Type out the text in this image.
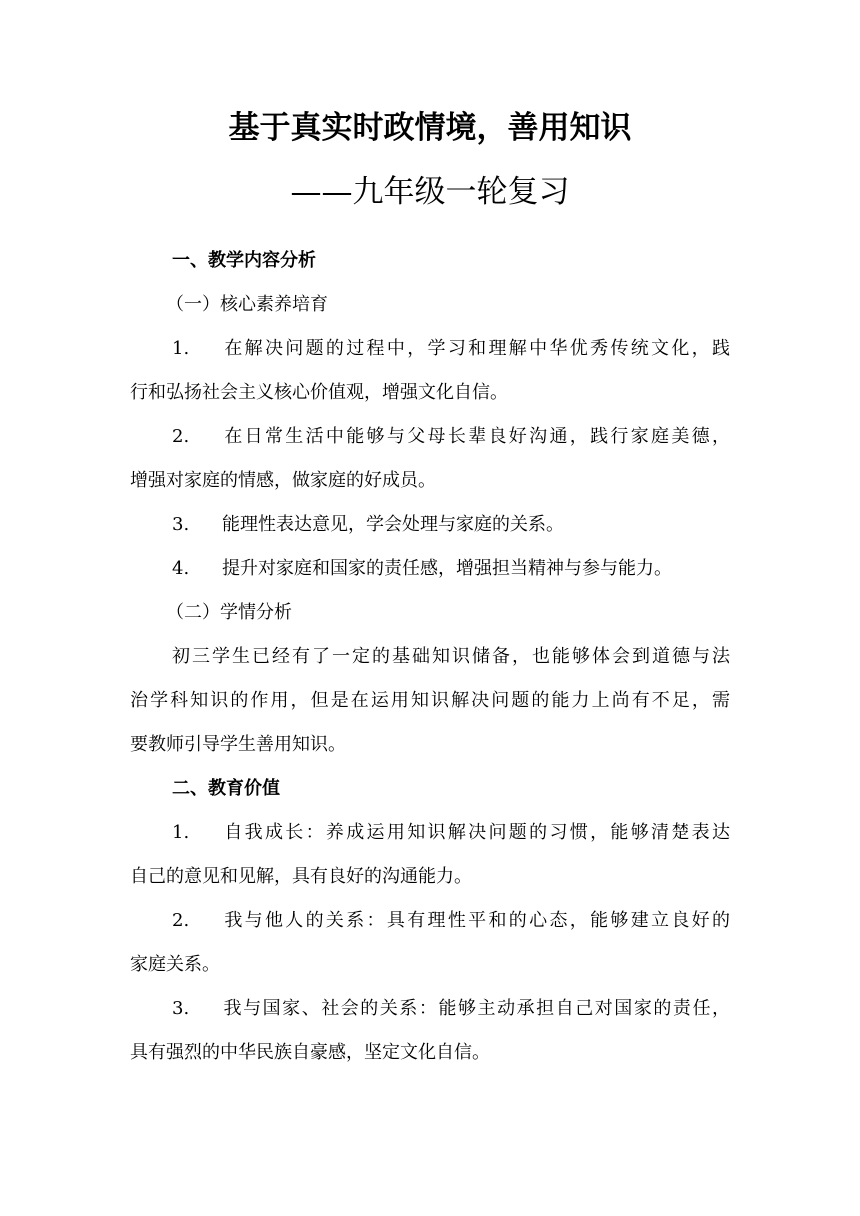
基于真实时政情境，善用知识
——九年级一轮复习
一、教学内容分析
（一）核心素养培育
1. 在解决问题的过程中，学习和理解中华优秀传统文化，践
行和弘扬社会主义核心价值观，增强文化自信。
2. 在日常生活中能够与父母长辈良好沟通，践行家庭美德，
增强对家庭的情感，做家庭的好成员。
3. 能理性表达意见，学会处理与家庭的关系。
4. 提升对家庭和国家的责任感，增强担当精神与参与能力。
（二）学情分析
初三学生已经有了一定的基础知识储备，也能够体会到道德与法
治学科知识的作用，但是在运用知识解决问题的能力上尚有不足，需
要教师引导学生善用知识。
二、教育价值
1. 自我成长：养成运用知识解决问题的习惯，能够清楚表达
自己的意见和见解，具有良好的沟通能力。
2. 我与他人的关系：具有理性平和的心态，能够建立良好的
家庭关系。
3. 我与国家、社会的关系：能够主动承担自己对国家的责任，
具有强烈的中华民族自豪感，坚定文化自信。
